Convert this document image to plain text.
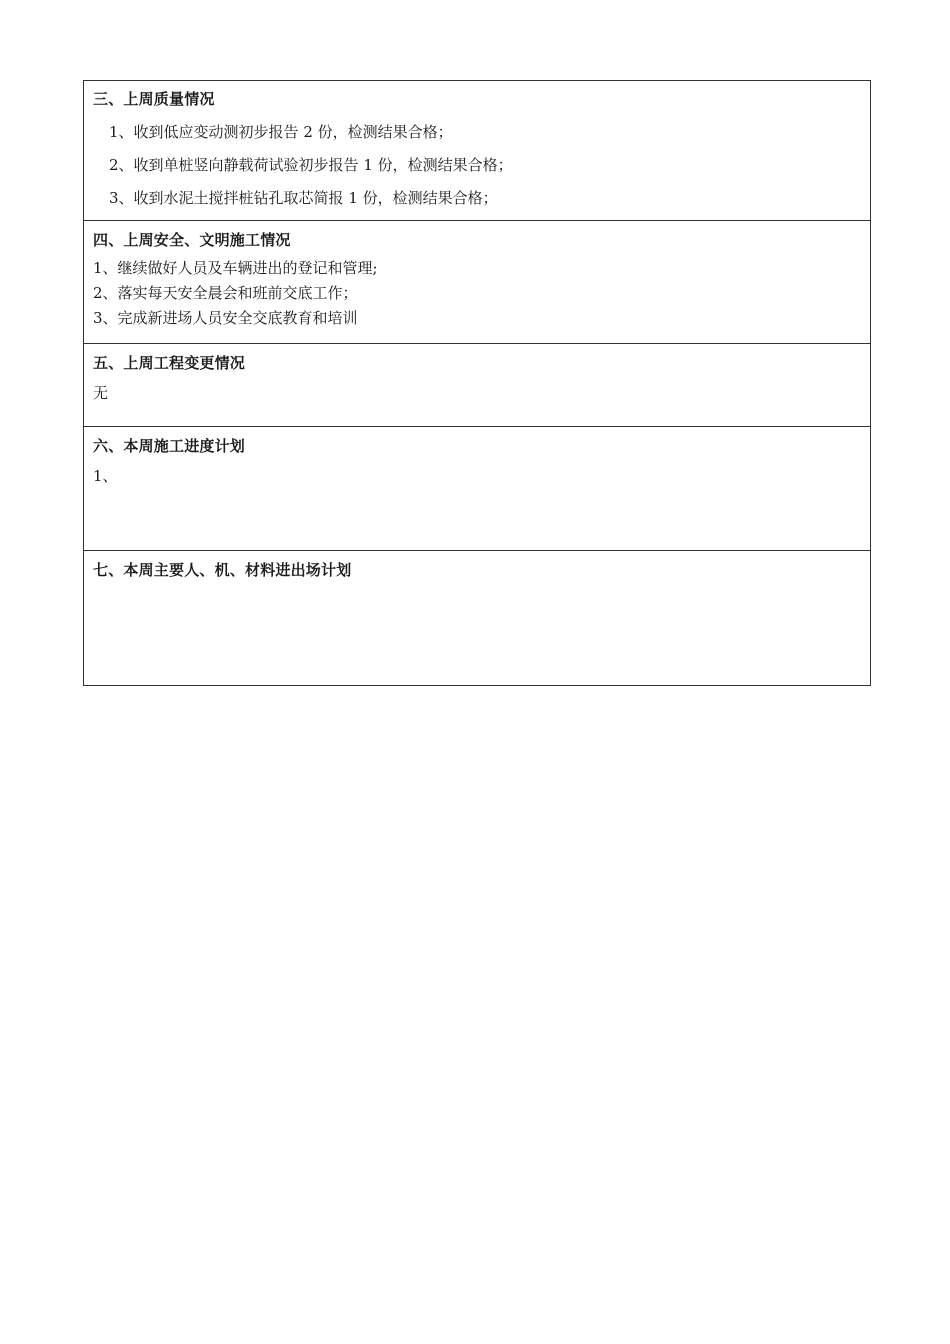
三、上周质量情况

1、收到低应变动测初步报告 2 份，检测结果合格；

2、收到单桩竖向静载荷试验初步报告 1 份，检测结果合格；

3、收到水泥土搅拌桩钻孔取芯简报 1 份，检测结果合格；

四、上周安全、文明施工情况

1、继续做好人员及车辆进出的登记和管理;

2、落实每天安全晨会和班前交底工作；

3、完成新进场人员安全交底教育和培训

五、上周工程变更情况

无

六、本周施工进度计划

1、

七、本周主要人、机、材料进出场计划
